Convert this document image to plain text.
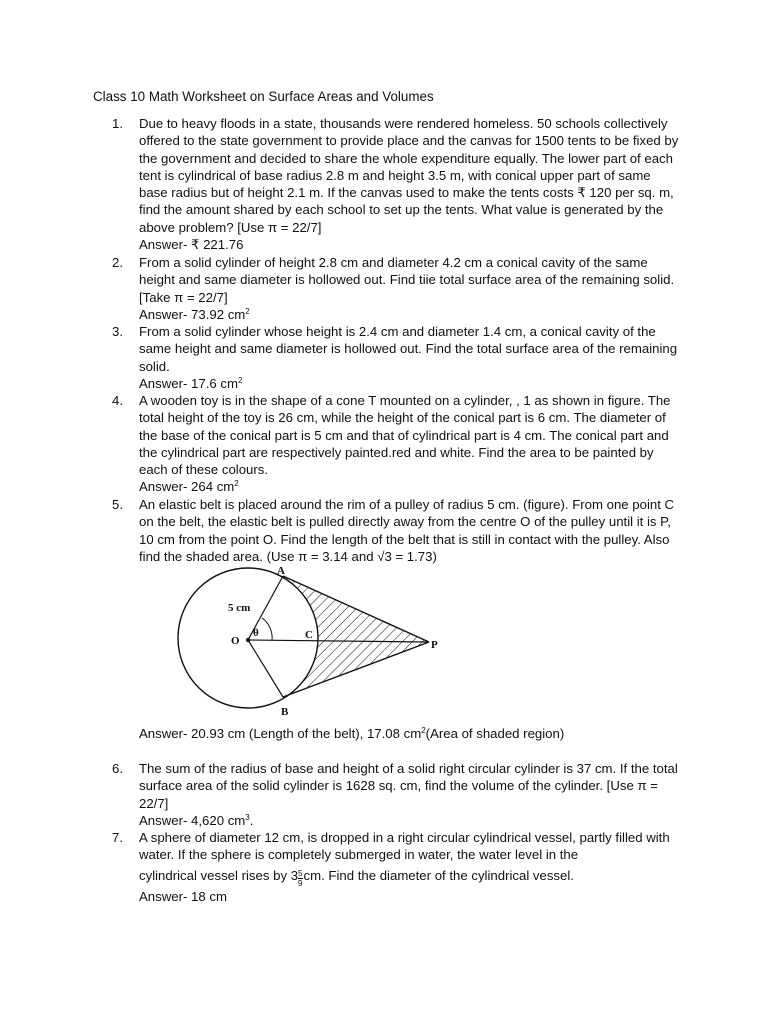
Class 10 Math Worksheet on Surface Areas and Volumes
1. Due to heavy floods in a state, thousands were rendered homeless. 50 schools collectively offered to the state government to provide place and the canvas for 1500 tents to be fixed by the government and decided to share the whole expenditure equally. The lower part of each tent is cylindrical of base radius 2.8 m and height 3.5 m, with conical upper part of same base radius but of height 2.1 m. If the canvas used to make the tents costs ₹ 120 per sq. m, find the amount shared by each school to set up the tents. What value is generated by the above problem? [Use π = 22/7]

Answer- ₹ 221.76

2. From a solid cylinder of height 2.8 cm and diameter 4.2 cm a conical cavity of the same height and same diameter is hollowed out. Find tiie total surface area of the remaining solid. [Take π = 22/7]

Answer- 73.92 $cm^2$

3. From a solid cylinder whose height is 2.4 cm and diameter 1.4 cm, a conical cavity of the same height and same diameter is hollowed out. Find the total surface area of the remaining solid.

Answer- 17.6 $cm^2$

4. A wooden toy is in the shape of a cone T mounted on a cylinder, , 1 as shown in figure. The total height of the toy is 26 cm, while the height of the conical part is 6 cm. The diameter of the base of the conical part is 5 cm and that of cylindrical part is 4 cm. The conical part and the cylindrical part are respectively painted.red and white. Find the area to be painted by each of these colours.

Answer- 264 $cm^2$

5. An elastic belt is placed around the rim of a pulley of radius 5 cm. (figure). From one point C on the belt, the elastic belt is pulled directly away from the centre O of the pulley until it is P, 10 cm from the point O. Find the length of the belt that is still in contact with the pulley. Also find the shaded area. (Use π = 3.14 and √3 = 1.73)

A
B
C
O	P
5 cm
θ
Answer- 20.93 cm (Length of the belt), 17.08 $cm^2(Area$ of shaded region)
6. The sum of the radius of base and height of a solid right circular cylinder is 37 cm. If the total surface area of the solid cylinder is 1628 sq. cm, find the volume of the cylinder. [Use π = 22/7]

Answer- 4,620 $cm^3$.

7. A sphere of diameter 12 cm, is dropped in a right circular cylindrical vessel, partly filled with water. If the sphere is completely submerged in water, the water level in the

cylindrical vessel rises by $3 \frac{5}{9}$ cm. Find the diameter of the cylindrical vessel.

Answer- 18 cm
